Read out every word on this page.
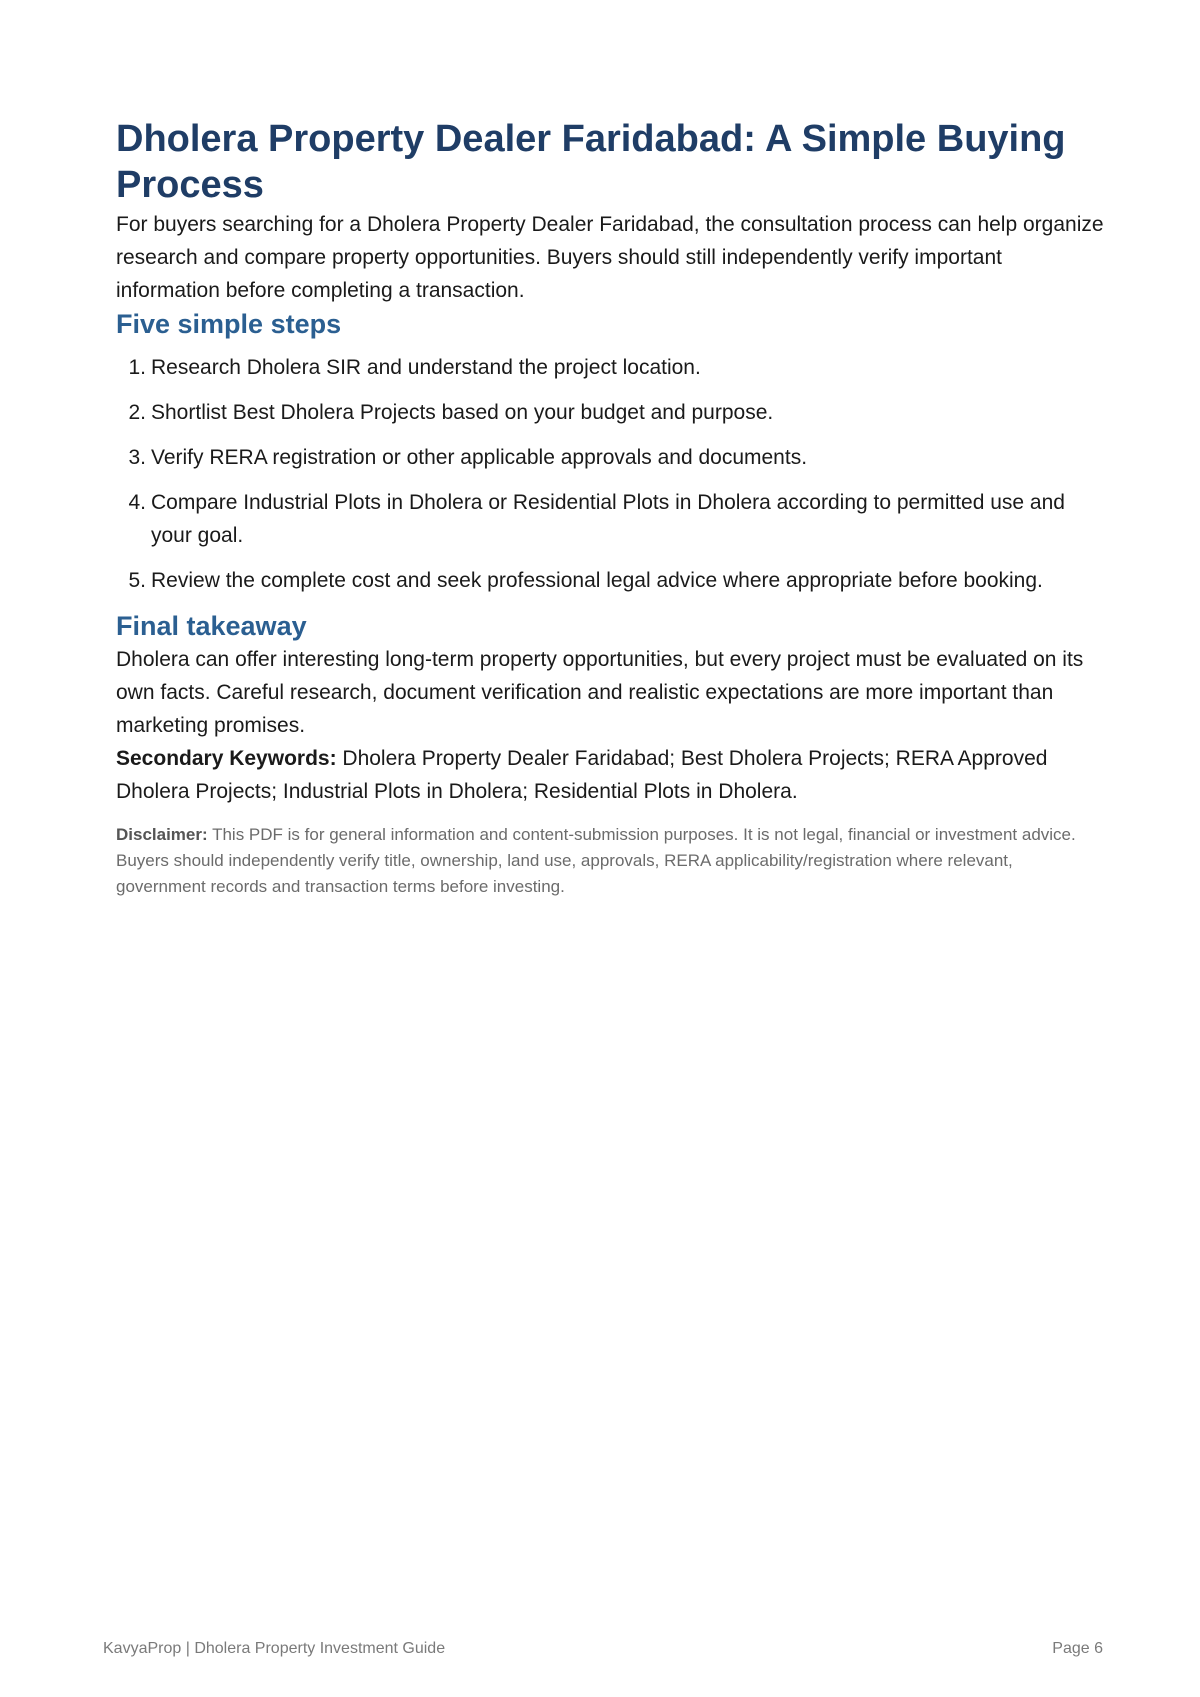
Dholera Property Dealer Faridabad: A Simple Buying Process

For buyers searching for a Dholera Property Dealer Faridabad, the consultation process can help organize research and compare property opportunities. Buyers should still independently verify important information before completing a transaction.

Five simple steps
1. Research Dholera SIR and understand the project location.
2. Shortlist Best Dholera Projects based on your budget and purpose.
3. Verify RERA registration or other applicable approvals and documents.
4. Compare Industrial Plots in Dholera or Residential Plots in Dholera according to permitted use and your goal.
5. Review the complete cost and seek professional legal advice where appropriate before booking.
Final takeaway

Dholera can offer interesting long-term property opportunities, but every project must be evaluated on its own facts. Careful research, document verification and realistic expectations are more important than marketing promises.

Secondary Keywords: Dholera Property Dealer Faridabad; Best Dholera Projects; RERA Approved Dholera Projects; Industrial Plots in Dholera; Residential Plots in Dholera.

Disclaimer: This PDF is for general information and content-submission purposes. It is not legal, financial or investment advice. Buyers should independently verify title, ownership, land use, approvals, RERA applicability/registration where relevant, government records and transaction terms before investing.

KavyaProp | Dholera Property Investment Guide	Page 6
